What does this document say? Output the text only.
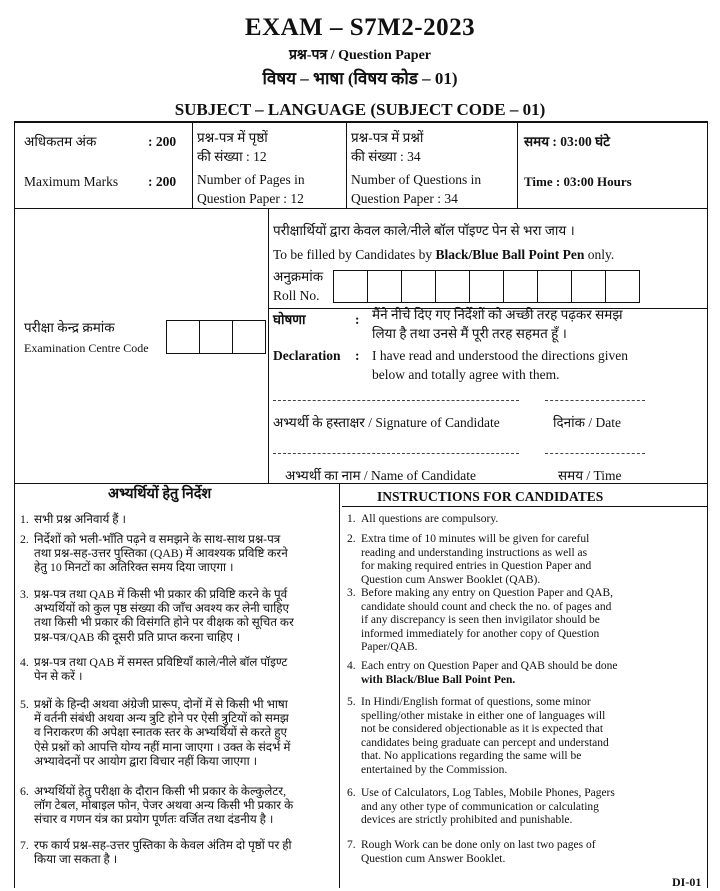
EXAM – S7M2-2023
प्रश्न-पत्र / Question Paper
विषय – भाषा (विषय कोड – 01)
SUBJECT – LANGUAGE (SUBJECT CODE – 01)
अधिकतम अंक	: 200
Maximum Marks : 200
प्रश्न-पत्र में पृष्ठों
की संख्या : 12
Number of Pages in
Question Paper : 12
प्रश्न-पत्र में प्रश्नों
की संख्या : 34
Number of Questions in
Question Paper : 34
समय : 03:00 घंटे
Time : 03:00 Hours
परीक्षार्थियों द्वारा केवल काले/नीले बॉल पॉइण्ट पेन से भरा जाय ।
To be filled by Candidates by Black/Blue Ball Point Pen only.
अनुक्रमांक
Roll No.
परीक्षा केन्द्र क्रमांक
Examination Centre Code
घोषणा	: मैंने नीचे दिए गए निर्देशों को अच्छी तरह पढ़कर समझ
लिया है तथा उनसे मैं पूरी तरह सहमत हूँ ।
Declaration : I have read and understood the directions given
below and totally agree with them.
अभ्यर्थी के हस्ताक्षर / Signature of Candidate	दिनांक / Date
अभ्यर्थी का नाम / Name of Candidate	समय / Time
अभ्यर्थियों हेतु निर्देश	INSTRUCTIONS FOR CANDIDATES
1. सभी प्रश्न अनिवार्य हैं ।
2. निर्देशों को भली-भाँति पढ़ने व समझने के साथ-साथ प्रश्न-पत्र
तथा प्रश्न-सह-उत्तर पुस्तिका (QAB) में आवश्यक प्रविष्टि करने
हेतु 10 मिनटों का अतिरिक्त समय दिया जाएगा ।
3. प्रश्न-पत्र तथा QAB में किसी भी प्रकार की प्रविष्टि करने के पूर्व
अभ्यर्थियों को कुल पृष्ठ संख्या की जाँच अवश्य कर लेनी चाहिए
तथा किसी भी प्रकार की विसंगति होने पर वीक्षक को सूचित कर
प्रश्न-पत्र/QAB की दूसरी प्रति प्राप्त करना चाहिए ।
4. प्रश्न-पत्र तथा QAB में समस्त प्रविष्टियाँ काले/नीले बॉल पॉइण्ट
पेन से करें ।
5. प्रश्नों के हिन्दी अथवा अंग्रेजी प्रारूप, दोनों में से किसी भी भाषा
में वर्तनी संबंधी अथवा अन्य त्रुटि होने पर ऐसी त्रुटियों को समझ
व निराकरण की अपेक्षा स्नातक स्तर के अभ्यर्थियों से करते हुए
ऐसे प्रश्नों को आपत्ति योग्य नहीं माना जाएगा । उक्त के संदर्भ में
अभ्यावेदनों पर आयोग द्वारा विचार नहीं किया जाएगा ।
6. अभ्यर्थियों हेतु परीक्षा के दौरान किसी भी प्रकार के केल्कुलेटर,
लॉग टेबल, मोबाइल फोन, पेजर अथवा अन्य किसी भी प्रकार के
संचार व गणन यंत्र का प्रयोग पूर्णतः वर्जित तथा दंडनीय है ।
7. रफ कार्य प्रश्न-सह-उत्तर पुस्तिका के केवल अंतिम दो पृष्ठों पर ही
किया जा सकता है ।
1. All questions are compulsory.
2. Extra time of 10 minutes will be given for careful
reading and understanding instructions as well as
for making required entries in Question Paper and
Question cum Answer Booklet (QAB).
3. Before making any entry on Question Paper and QAB,
candidate should count and check the no. of pages and
if any discrepancy is seen then invigilator should be
informed immediately for another copy of Question
Paper/QAB.
4. Each entry on Question Paper and QAB should be done
with Black/Blue Ball Point Pen.
5. In Hindi/English format of questions, some minor
spelling/other mistake in either one of languages will
not be considered objectionable as it is expected that
candidates being graduate can percept and understand
that. No applications regarding the same will be
entertained by the Commission.
6. Use of Calculators, Log Tables, Mobile Phones, Pagers
and any other type of communication or calculating
devices are strictly prohibited and punishable.
7. Rough Work can be done only on last two pages of
Question cum Answer Booklet.
DI-01
